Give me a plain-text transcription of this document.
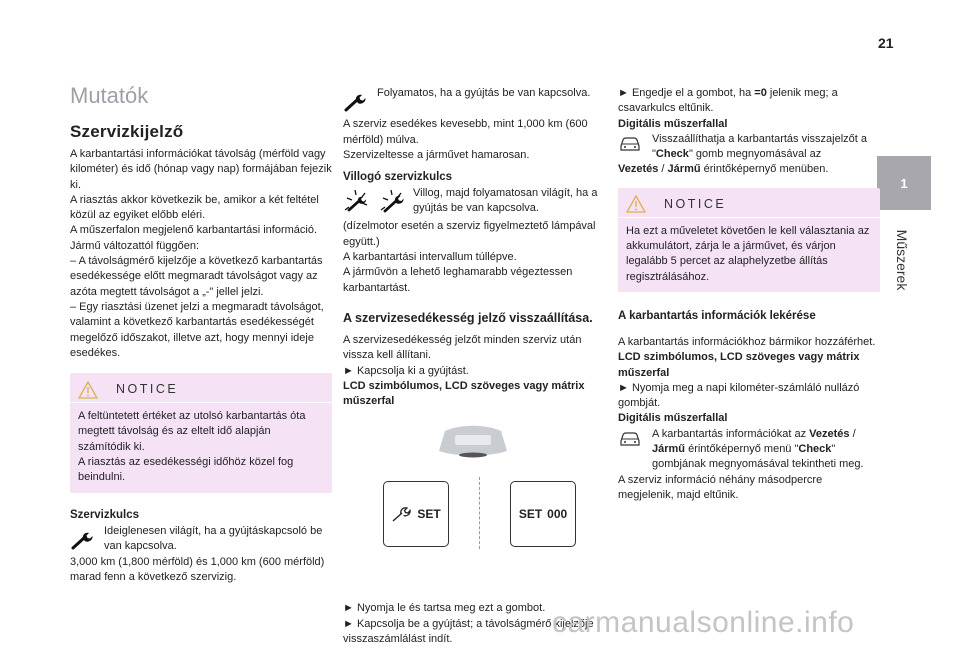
21
1
Műszerek
Mutatók
Szervizkijelző

A karbantartási információkat távolság (mérföld vagy kilométer) és idő (hónap vagy nap) formájában fejezik ki.

A riasztás akkor következik be, amikor a két feltétel közül az egyiket előbb eléri.

A műszerfalon megjelenő karbantartási információ. Jármű változattól függően:

– A távolságmérő kijelzője a következő karbantartás esedékessége előtt megmaradt távolságot vagy az azóta megtett távolságot a „-" jellel jelzi.

– Egy riasztási üzenet jelzi a megmaradt távolságot, valamint a következő karbantartás esedékességét megelőző időszakot, illetve azt, hogy mennyi ideje esedékes.

NOTICE

A feltüntetett értéket az utolsó karbantartás óta megtett távolság és az eltelt idő alapján számítódik ki.

A riasztás az esedékességi időhöz közel fog beindulni.

Szervizkulcs

Ideiglenesen világít, ha a gyújtáskapcsoló be van kapcsolva.

3,000 km (1,800 mérföld) és 1,000 km (600 mérföld) marad fenn a következő szervizig.

Folyamatos, ha a gyújtás be van kapcsolva.

A szerviz esedékes kevesebb, mint 1,000 km (600 mérföld) múlva.

Szervizeltesse a járművet hamarosan.

Villogó szervizkulcs

Villog, majd folyamatosan világít, ha a gyújtás be van kapcsolva.

(dízelmotor esetén a szerviz figyelmeztető lámpával együtt.)

A karbantartási intervallum túllépve.

A járművön a lehető leghamarabb végeztessen karbantartást.

A szervizesedékesség jelző visszaállítása.

A szervizesedékesség jelzőt minden szerviz után vissza kell állítani.

► Kapcsolja ki a gyújtást.

LCD szimbólumos, LCD szöveges vagy mátrix műszerfal

SET	SET 000

► Nyomja le és tartsa meg ezt a gombot.

► Kapcsolja be a gyújtást; a távolságmérő kijelzője visszaszámlálást indít.

► Engedje el a gombot, ha =0 jelenik meg; a csavarkulcs eltűnik.

Digitális műszerfallal

Visszaállíthatja a karbantartás visszajelzőt a "Check" gomb megnyomásával az

Vezetés / Jármű érintőképernyő menüben.

NOTICE

Ha ezt a műveletet követően le kell választania az akkumulátort, zárja le a járművet, és várjon legalább 5 percet az alaphelyzetbe állítás regisztrálásához.

A karbantartás információk lekérése

A karbantartás információkhoz bármikor hozzáférhet.

LCD szimbólumos, LCD szöveges vagy mátrix műszerfal

► Nyomja meg a napi kilométer-számláló nullázó gombját.

Digitális műszerfallal

A karbantartás információkat az Vezetés / Jármű érintőképernyő menü "Check" gombjának megnyomásával tekintheti meg.

A szerviz információ néhány másodpercre megjelenik, majd eltűnik.

carmanualsonline.info
